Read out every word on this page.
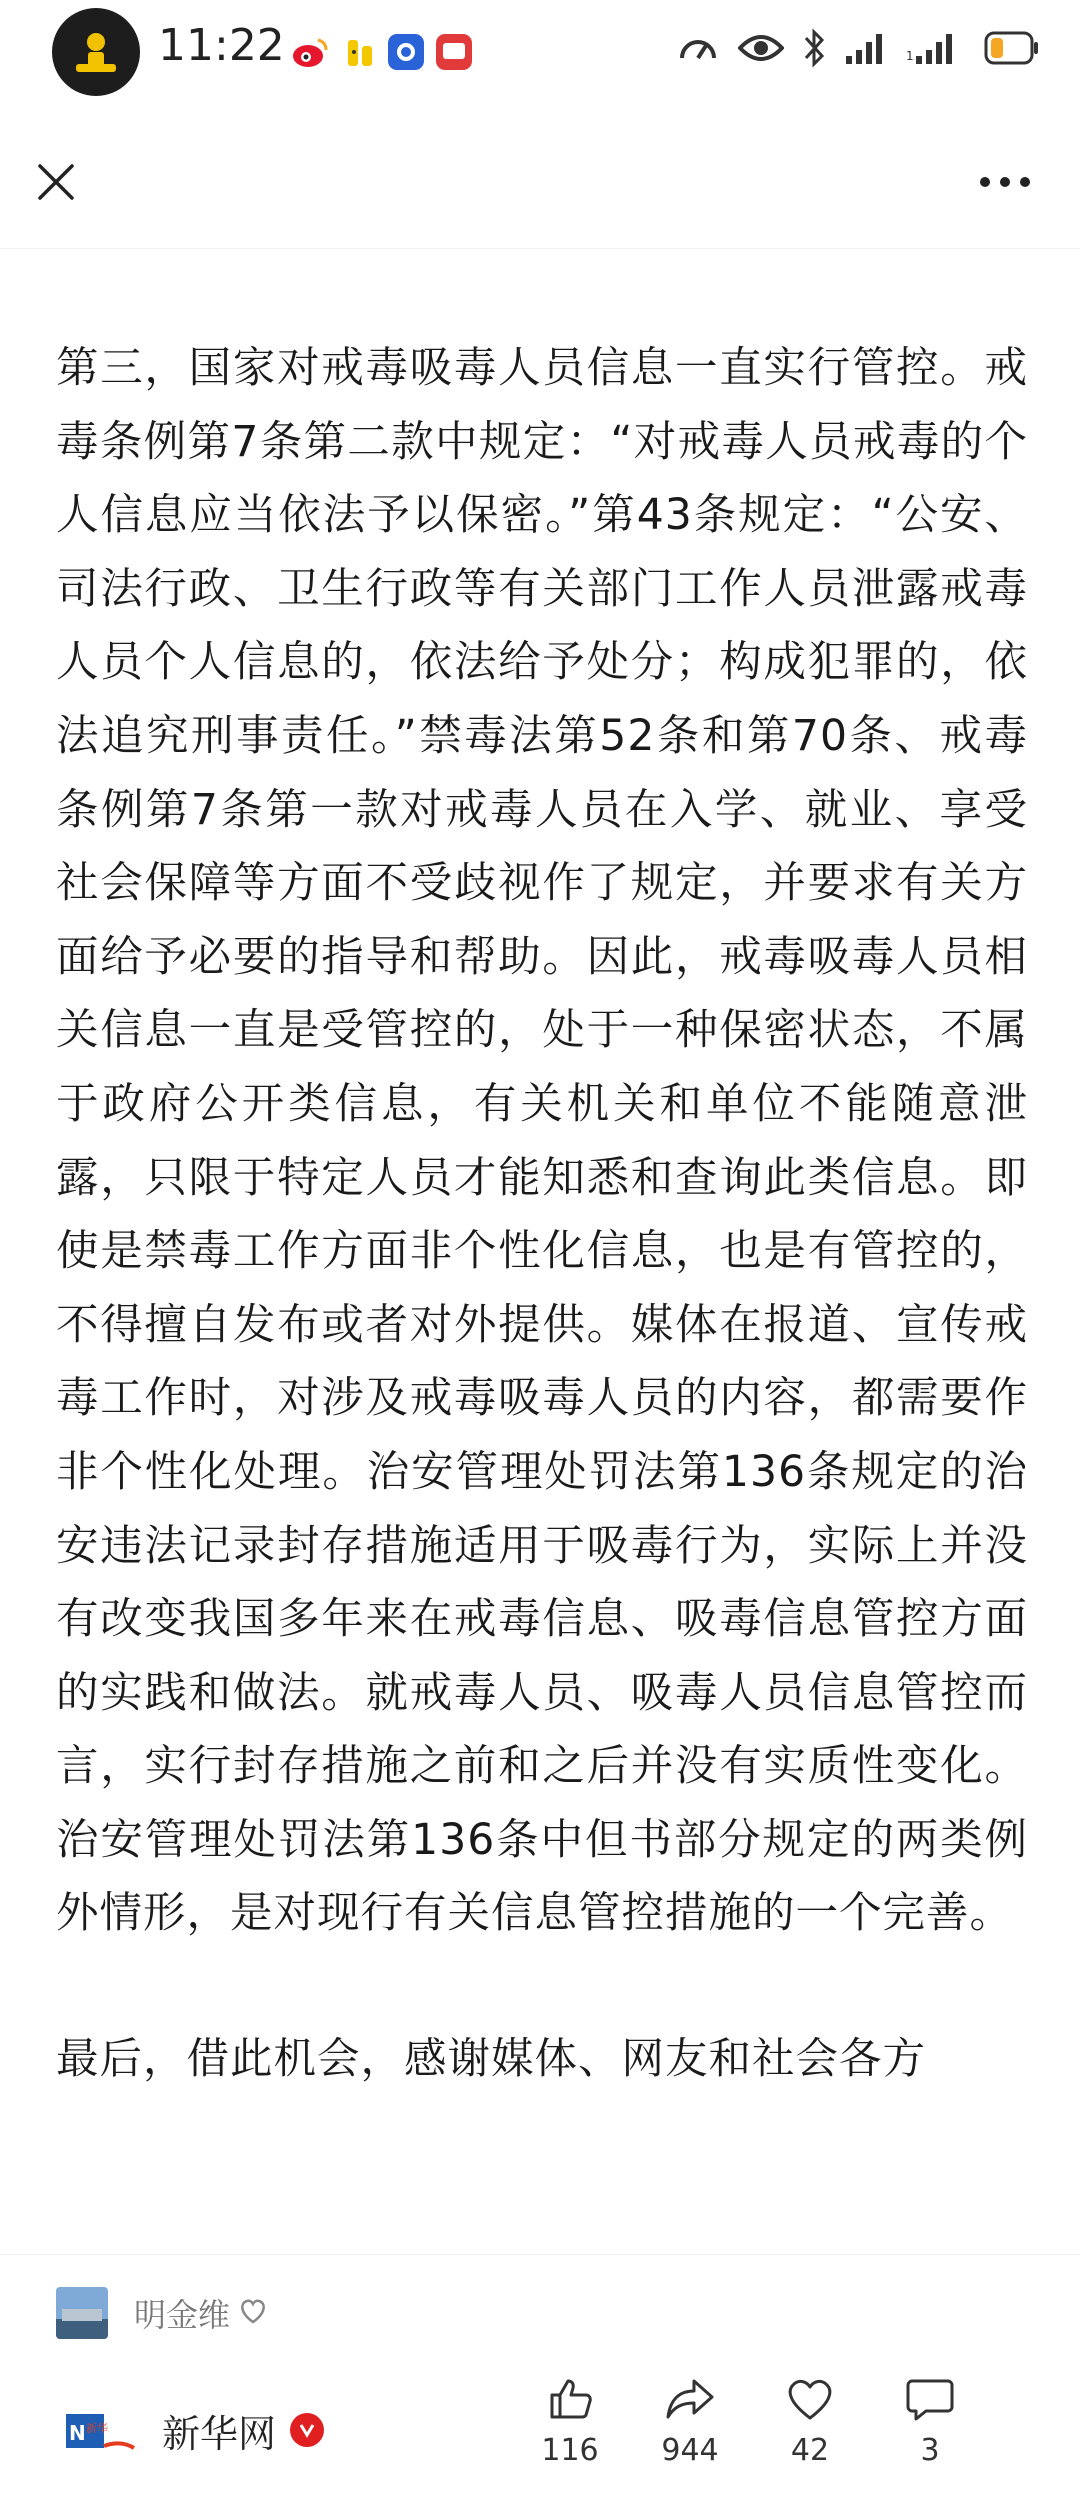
11:22	1

第三，国家对戒毒吸毒人员信息一直实行管控。戒毒条例第7条第二款中规定：“对戒毒人员戒毒的个人信息应当依法予以保密。”第43条规定：“公安、司法行政、卫生行政等有关部门工作人员泄露戒毒人员个人信息的，依法给予处分；构成犯罪的，依法追究刑事责任。”禁毒法第52条和第70条、戒毒条例第7条第一款对戒毒人员在入学、就业、享受社会保障等方面不受歧视作了规定，并要求有关方面给予必要的指导和帮助。因此，戒毒吸毒人员相关信息一直是受管控的，处于一种保密状态，不属于政府公开类信息，有关机关和单位不能随意泄露，只限于特定人员才能知悉和查询此类信息。即使是禁毒工作方面非个性化信息，也是有管控的，不得擅自发布或者对外提供。媒体在报道、宣传戒毒工作时，对涉及戒毒吸毒人员的内容，都需要作非个性化处理。治安管理处罚法第136条规定的治安违法记录封存措施适用于吸毒行为，实际上并没有改变我国多年来在戒毒信息、吸毒信息管控方面的实践和做法。就戒毒人员、吸毒人员信息管控而言，实行封存措施之前和之后并没有实质性变化。治安管理处罚法第136条中但书部分规定的两类例外情形，是对现行有关信息管控措施的一个完善。

最后，借此机会，感谢媒体、网友和社会各方

明金维
N 新华 新华网	116	944	42	3
